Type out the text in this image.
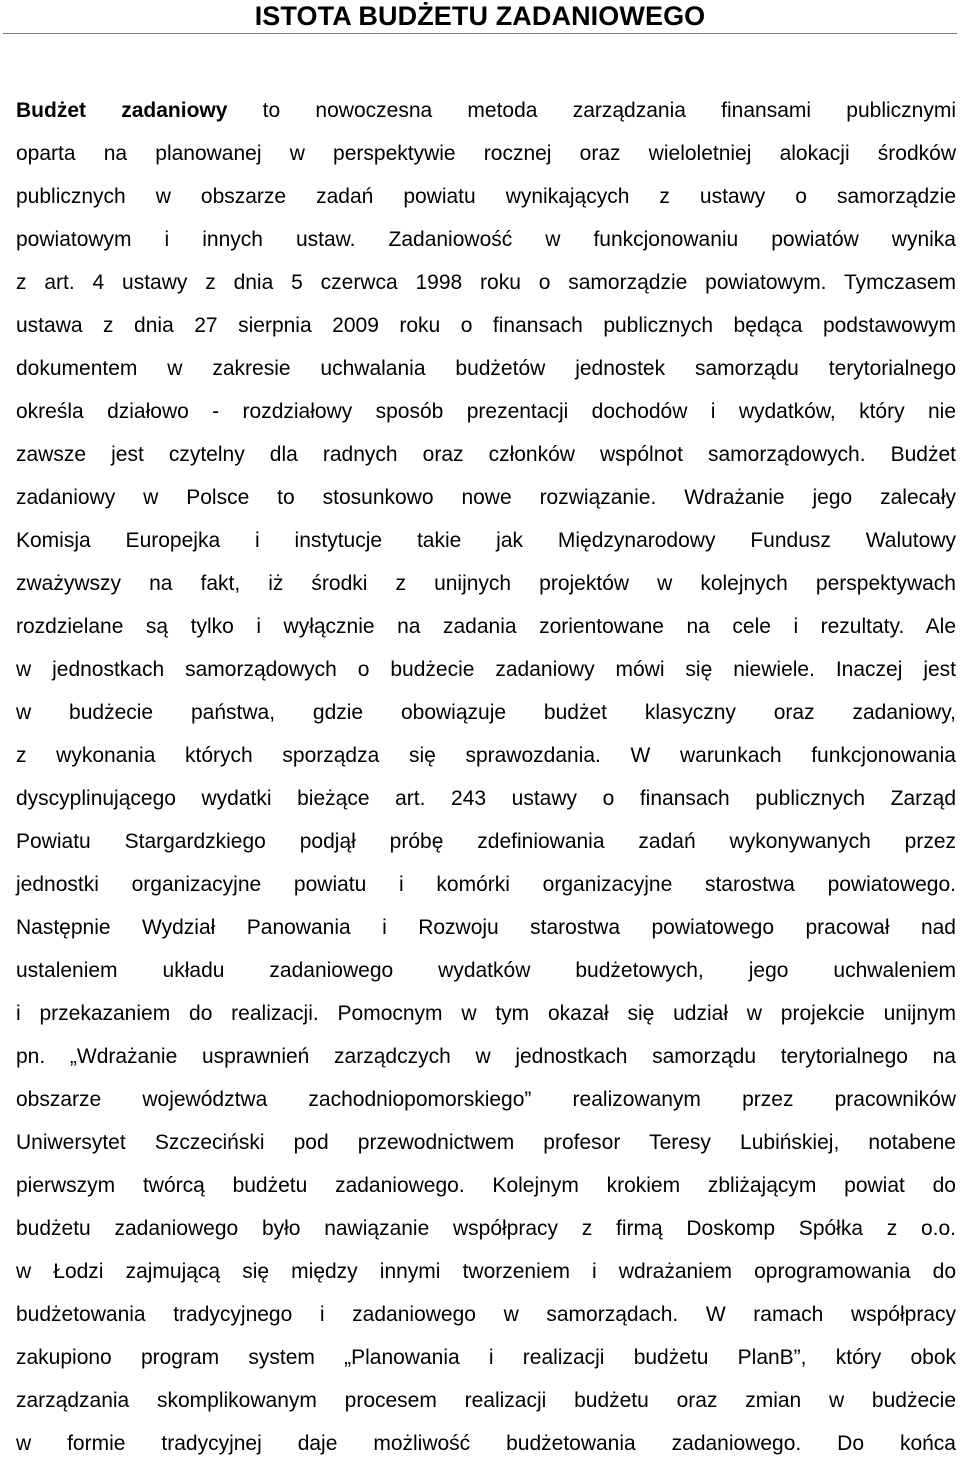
ISTOTA BUDŻETU ZADANIOWEGO
Budżet zadaniowy to nowoczesna metoda zarządzania finansami publicznymi
oparta na planowanej w perspektywie rocznej oraz wieloletniej alokacji środków
publicznych w obszarze zadań powiatu wynikających z ustawy o samorządzie
powiatowym i innych ustaw. Zadaniowość w funkcjonowaniu powiatów wynika
z art. 4 ustawy z dnia 5 czerwca 1998 roku o samorządzie powiatowym. Tymczasem
ustawa z dnia 27 sierpnia 2009 roku o finansach publicznych będąca podstawowym
dokumentem w zakresie uchwalania budżetów jednostek samorządu terytorialnego
określa działowo - rozdziałowy sposób prezentacji dochodów i wydatków, który nie
zawsze jest czytelny dla radnych oraz członków wspólnot samorządowych. Budżet
zadaniowy w Polsce to stosunkowo nowe rozwiązanie. Wdrażanie jego zalecały
Komisja Europejka i instytucje takie jak Międzynarodowy Fundusz Walutowy
zważywszy na fakt, iż środki z unijnych projektów w kolejnych perspektywach
rozdzielane są tylko i wyłącznie na zadania zorientowane na cele i rezultaty. Ale
w jednostkach samorządowych o budżecie zadaniowy mówi się niewiele. Inaczej jest
w budżecie państwa, gdzie obowiązuje budżet klasyczny oraz zadaniowy,
z wykonania których sporządza się sprawozdania. W warunkach funkcjonowania
dyscyplinującego wydatki bieżące art. 243 ustawy o finansach publicznych Zarząd
Powiatu Stargardzkiego podjął próbę zdefiniowania zadań wykonywanych przez
jednostki organizacyjne powiatu i komórki organizacyjne starostwa powiatowego.
Następnie Wydział Panowania i Rozwoju starostwa powiatowego pracował nad
ustaleniem układu zadaniowego wydatków budżetowych, jego uchwaleniem
i przekazaniem do realizacji. Pomocnym w tym okazał się udział w projekcie unijnym
pn. „Wdrażanie usprawnień zarządczych w jednostkach samorządu terytorialnego na
obszarze województwa zachodniopomorskiego” realizowanym przez pracowników
Uniwersytet Szczeciński pod przewodnictwem profesor Teresy Lubińskiej, notabene
pierwszym twórcą budżetu zadaniowego. Kolejnym krokiem zbliżającym powiat do
budżetu zadaniowego było nawiązanie współpracy z firmą Doskomp Spółka z o.o.
w Łodzi zajmującą się między innymi tworzeniem i wdrażaniem oprogramowania do
budżetowania tradycyjnego i zadaniowego w samorządach. W ramach współpracy
zakupiono program system „Planowania i realizacji budżetu PlanB”, który obok
zarządzania skomplikowanym procesem realizacji budżetu oraz zmian w budżecie
w formie tradycyjnej daje możliwość budżetowania zadaniowego. Do końca
